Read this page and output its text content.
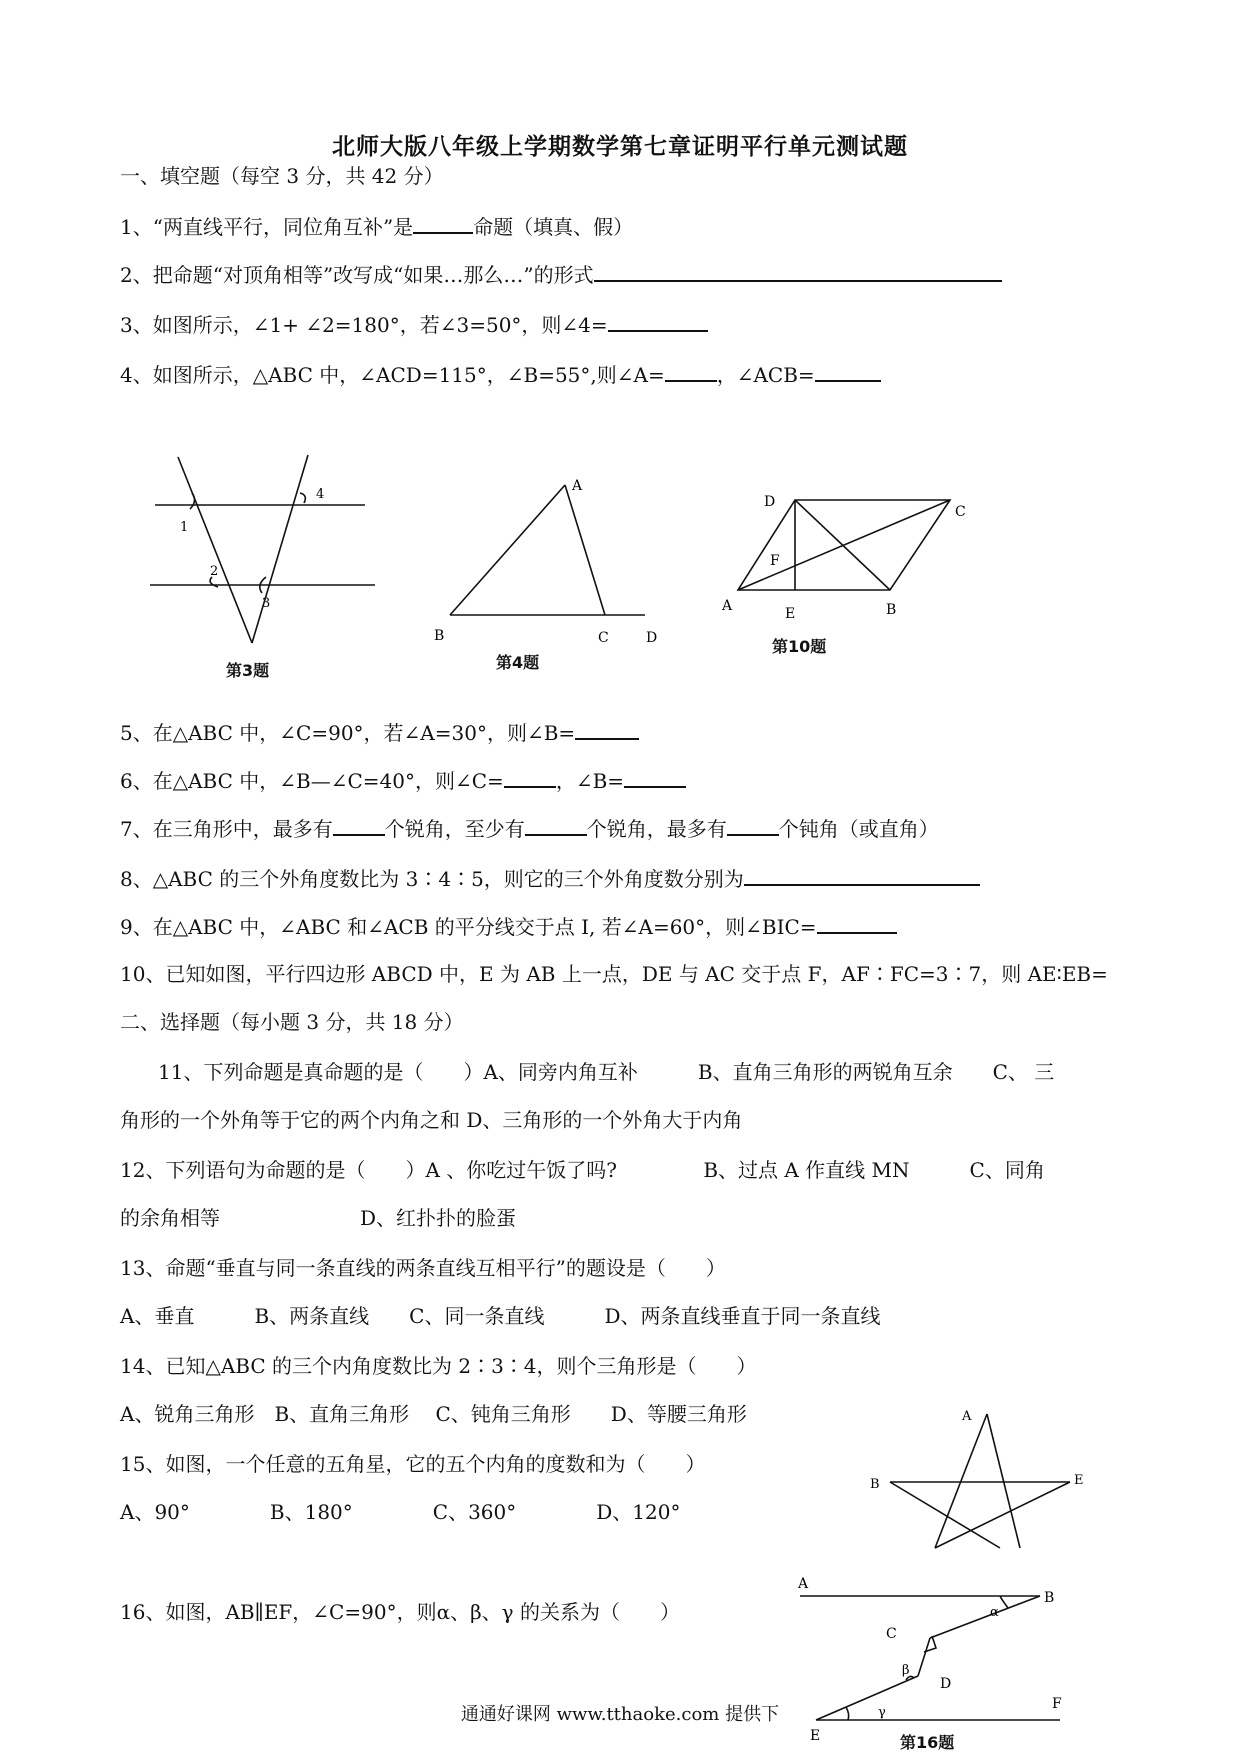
北师大版八年级上学期数学第七章证明平行单元测试题
一、填空题（每空 3 分，共 42 分）
1、“两直线平行，同位角互补”是	命题（填真、假）
2、把命题“对顶角相等”改写成“如果…那么…”的形式
3、如图所示，∠1+ ∠2=180°，若∠3=50°，则∠4=
4、如图所示，△ABC 中，∠ACD=115°，∠B=55°,则∠A=	，∠ACB=
1
2
3
4
第3题
A
B	C	D
第4题
A	B
C
D
E
F
第10题
5、在△ABC 中，∠C=90°，若∠A=30°，则∠B=
6、在△ABC 中，∠B—∠C=40°，则∠C=	，∠B=
7、在三角形中，最多有	个锐角，至少有	个锐角，最多有	个钝角（或直角）
8、△ABC 的三个外角度数比为 3∶4∶5，则它的三个外角度数分别为
9、在△ABC 中，∠ABC 和∠ACB 的平分线交于点 I, 若∠A=60°，则∠BIC=
10、已知如图，平行四边形 ABCD 中，E 为 AB 上一点，DE 与 AC 交于点 F，AF∶FC=3∶7，则 AE∶EB=
二、选择题（每小题 3 分，共 18 分）
11、下列命题是真命题的是（　　）A、同旁内角互补　　　B、直角三角形的两锐角互余　　C、 三
角形的一个外角等于它的两个内角之和 D、三角形的一个外角大于内角
12、下列语句为命题的是（　　）A 、你吃过午饭了吗?　　　　 B、过点 A 作直线 MN　　　C、同角
的余角相等　　　　　　　D、红扑扑的脸蛋
13、命题“垂直与同一条直线的两条直线互相平行”的题设是（　　）
A、垂直　　　B、两条直线　　C、同一条直线　　　D、两条直线垂直于同一条直线
14、已知△ABC 的三个内角度数比为 2∶3∶4，则个三角形是（　　）
A、锐角三角形　B、直角三角形　 C、钝角三角形　　D、等腰三角形
15、如图，一个任意的五角星，它的五个内角的度数和为（　　）
A、90°　　　　B、180°　　　　C、360°　　　　D、120°
A
B	E
16、如图，AB∥EF，∠C=90°，则α、β、γ 的关系为（　　）
A
B
C
D
E
F
α
β
γ
第16题
通通好课网 www.tthaoke.com 提供下
